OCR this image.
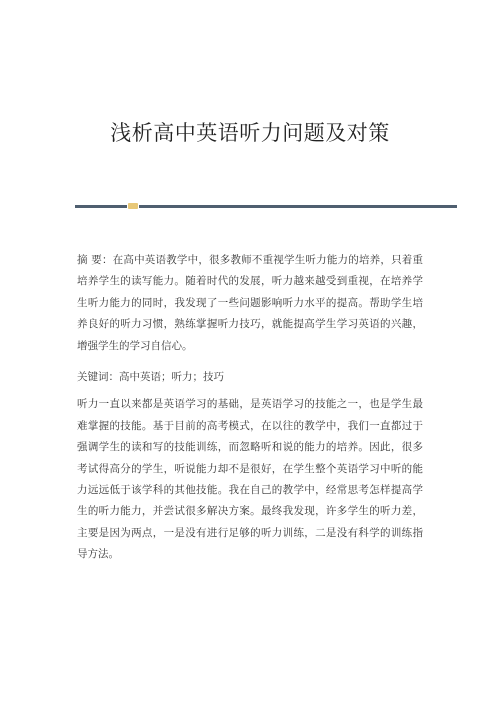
浅析高中英语听力问题及对策

摘 要：在高中英语教学中，很多教师不重视学生听力能力的培养，只着重培养学生的读写能力。随着时代的发展，听力越来越受到重视，在培养学生听力能力的同时，我发现了一些问题影响听力水平的提高。帮助学生培养良好的听力习惯，熟练掌握听力技巧，就能提高学生学习英语的兴趣，增强学生的学习自信心。

关键词：高中英语；听力；技巧

听力一直以来都是英语学习的基础，是英语学习的技能之一，也是学生最难掌握的技能。基于目前的高考模式，在以往的教学中，我们一直都过于强调学生的读和写的技能训练，而忽略听和说的能力的培养。因此，很多考试得高分的学生，听说能力却不是很好，在学生整个英语学习中听的能力远远低于该学科的其他技能。我在自己的教学中，经常思考怎样提高学生的听力能力，并尝试很多解决方案。最终我发现，许多学生的听力差，主要是因为两点，一是没有进行足够的听力训练，二是没有科学的训练指导方法。
